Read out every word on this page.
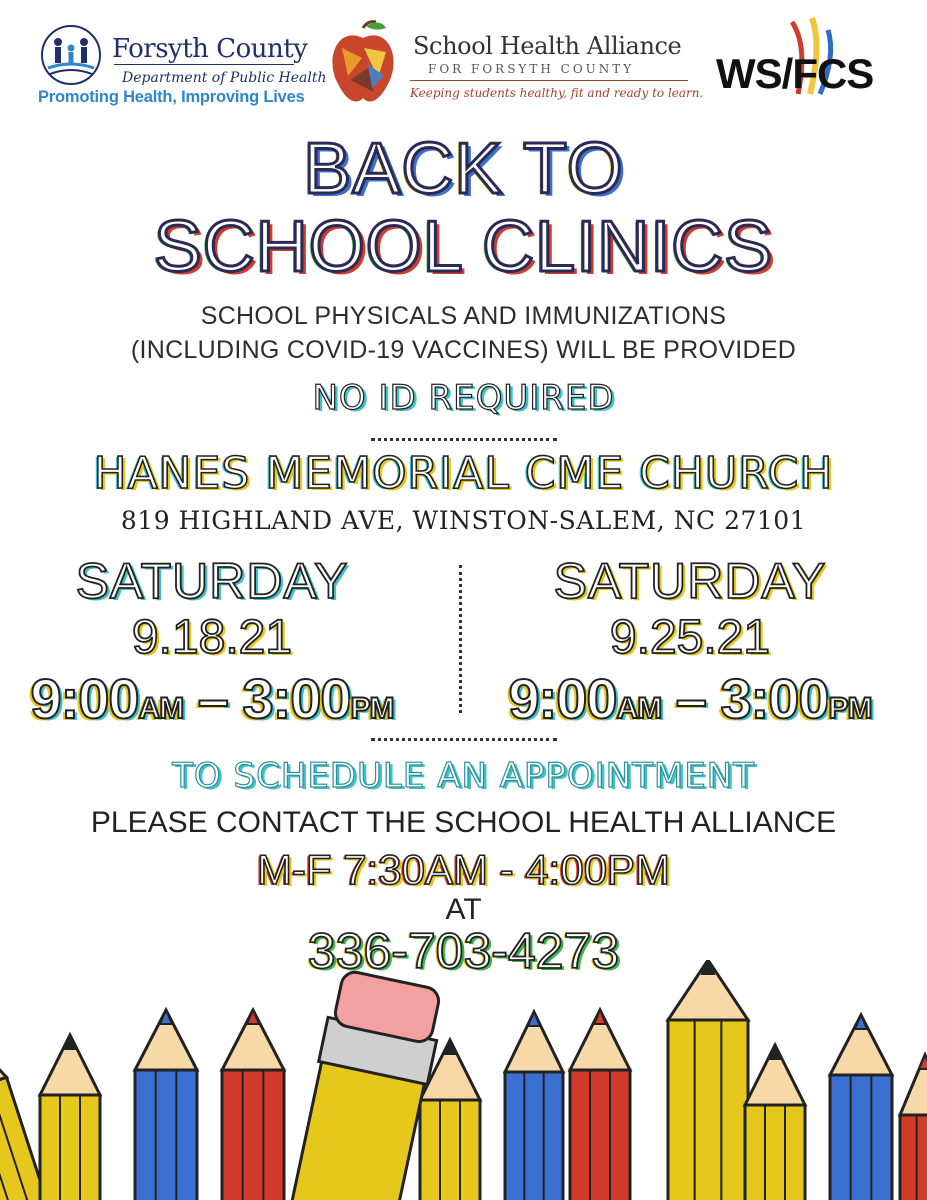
Forsyth County
Department of Public Health
Promoting Health, Improving Lives
School Health Alliance
FOR FORSYTH COUNTY
Keeping students healthy, fit and ready to learn. WS/FCS
BACK TO
SCHOOL CLINICS
SCHOOL PHYSICALS AND IMMUNIZATIONS
(INCLUDING COVID-19 VACCINES) WILL BE PROVIDED
NO ID REQUIRED
HANES MEMORIAL CME CHURCH
819 HIGHLAND AVE, WINSTON-SALEM, NC 27101
SATURDAY
9.18.21
9:00AM – 3:00PM
SATURDAY
9.25.21
9:00AM – 3:00PM
TO SCHEDULE AN APPOINTMENT
PLEASE CONTACT THE SCHOOL HEALTH ALLIANCE
M-F 7:30AM - 4:00PM
AT
336-703-4273
